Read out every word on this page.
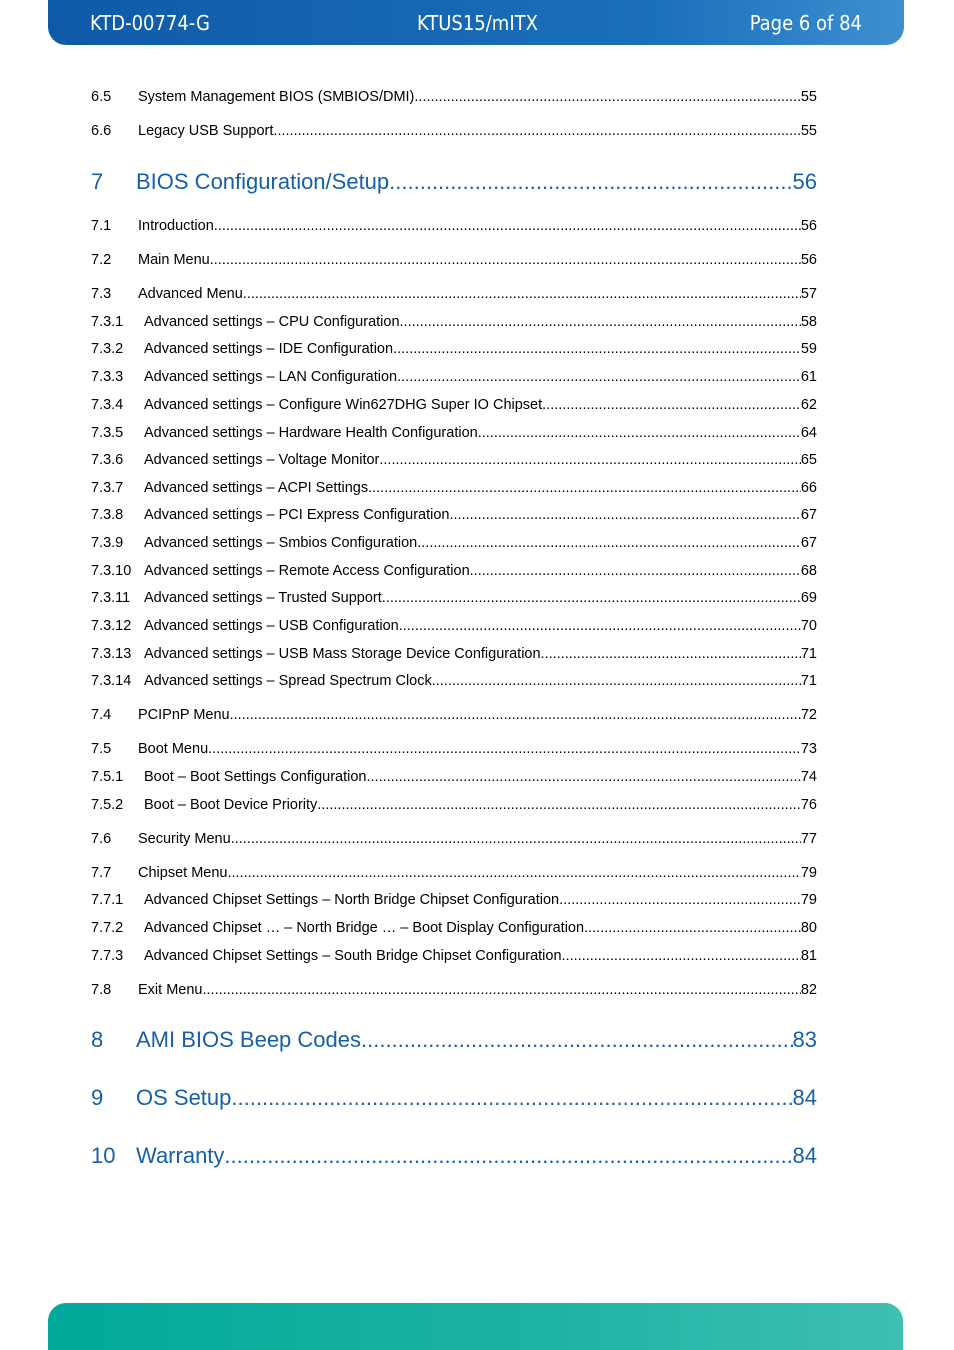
KTD-00774-G	KTUS15/mITX	Page 6 of 84
6.5	System Management BIOS (SMBIOS/DMI) .....	55
6.6	Legacy USB Support .....	55
7	BIOS Configuration/Setup .....	56
7.1	Introduction .....	56
7.2	Main Menu .....	56
7.3	Advanced Menu .....	57
7.3.1	Advanced settings – CPU Configuration .....	58
7.3.2	Advanced settings – IDE Configuration .....	59
7.3.3	Advanced settings – LAN Configuration .....	61
7.3.4	Advanced settings – Configure Win627DHG Super IO Chipset .....	62
7.3.5	Advanced settings – Hardware Health Configuration .....	64
7.3.6	Advanced settings – Voltage Monitor .....	65
7.3.7	Advanced settings – ACPI Settings .....	66
7.3.8	Advanced settings – PCI Express Configuration .....	67
7.3.9	Advanced settings – Smbios Configuration .....	67
7.3.10 Advanced settings – Remote Access Configuration .....	68
7.3.11 Advanced settings – Trusted Support .....	69
7.3.12 Advanced settings – USB Configuration .....	70
7.3.13 Advanced settings – USB Mass Storage Device Configuration .....	71
7.3.14 Advanced settings – Spread Spectrum Clock .....	71
7.4	PCIPnP Menu .....	72
7.5	Boot Menu .....	73
7.5.1	Boot – Boot Settings Configuration .....	74
7.5.2	Boot – Boot Device Priority .....	76
7.6	Security Menu .....	77
7.7	Chipset Menu .....	79
7.7.1	Advanced Chipset Settings – North Bridge Chipset Configuration .....	79
7.7.2	Advanced Chipset … – North Bridge … – Boot Display Configuration .....	80
7.7.3	Advanced Chipset Settings – South Bridge Chipset Configuration .....	81
7.8	Exit Menu .....	82
8	AMI BIOS Beep Codes .....	83
9	OS Setup .....	84
10 Warranty .....	84
